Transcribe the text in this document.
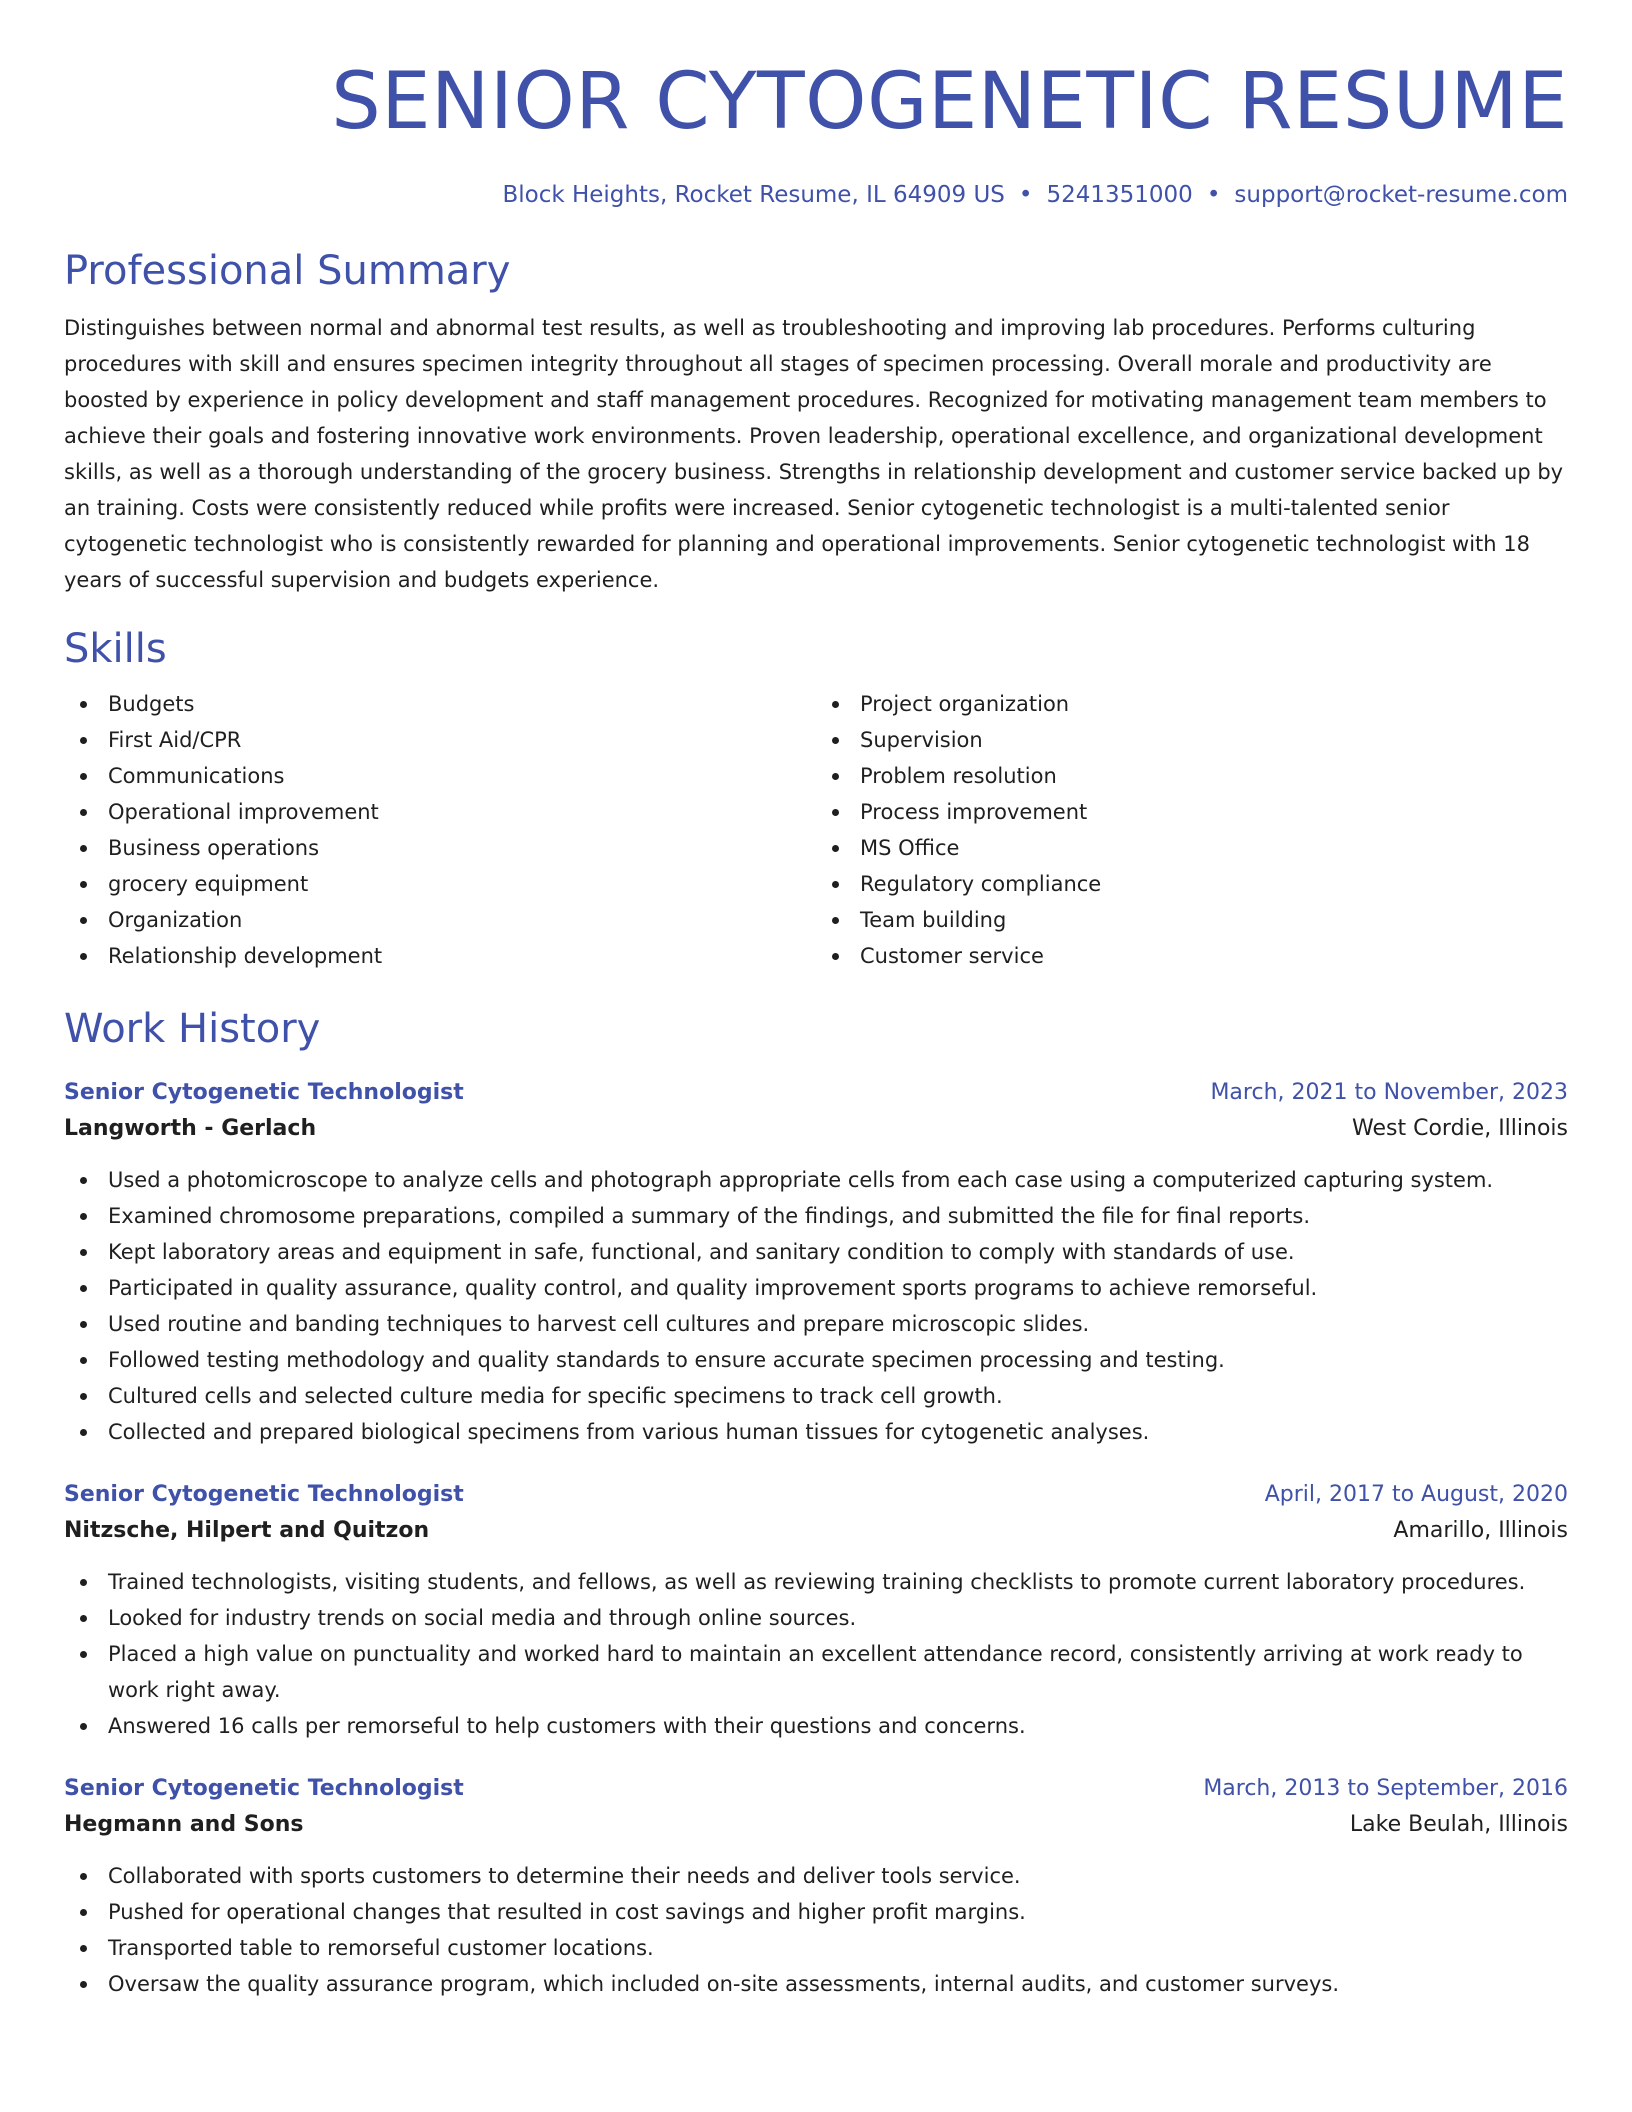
SENIOR CYTOGENETIC RESUME
Block Heights, Rocket Resume, IL 64909 US • 5241351000 • support@rocket-resume.com
Professional Summary

Distinguishes between normal and abnormal test results, as well as troubleshooting and improving lab procedures. Performs culturing procedures with skill and ensures specimen integrity throughout all stages of specimen processing. Overall morale and productivity are boosted by experience in policy development and staff management procedures. Recognized for motivating management team members to achieve their goals and fostering innovative work environments. Proven leadership, operational excellence, and organizational development skills, as well as a thorough understanding of the grocery business. Strengths in relationship development and customer service backed up by an training. Costs were consistently reduced while profits were increased. Senior cytogenetic technologist is a multi-talented senior cytogenetic technologist who is consistently rewarded for planning and operational improvements. Senior cytogenetic technologist with 18 years of successful supervision and budgets experience.

Skills
Budgets
First Aid/CPR
Communications
Operational improvement
Business operations
grocery equipment
Organization
Relationship development
Project organization
Supervision
Problem resolution
Process improvement
MS Office
Regulatory compliance
Team building
Customer service
Work History
Senior Cytogenetic Technologist	March, 2021 to November, 2023
Langworth - Gerlach	West Cordie, Illinois
Used a photomicroscope to analyze cells and photograph appropriate cells from each case using a computerized capturing system.
Examined chromosome preparations, compiled a summary of the findings, and submitted the file for final reports.
Kept laboratory areas and equipment in safe, functional, and sanitary condition to comply with standards of use.
Participated in quality assurance, quality control, and quality improvement sports programs to achieve remorseful.
Used routine and banding techniques to harvest cell cultures and prepare microscopic slides.
Followed testing methodology and quality standards to ensure accurate specimen processing and testing.
Cultured cells and selected culture media for specific specimens to track cell growth.
Collected and prepared biological specimens from various human tissues for cytogenetic analyses.
Senior Cytogenetic Technologist	April, 2017 to August, 2020
Nitzsche, Hilpert and Quitzon	Amarillo, Illinois
Trained technologists, visiting students, and fellows, as well as reviewing training checklists to promote current laboratory procedures.
Looked for industry trends on social media and through online sources.
Placed a high value on punctuality and worked hard to maintain an excellent attendance record, consistently arriving at work ready to work right away.
Answered 16 calls per remorseful to help customers with their questions and concerns.
Senior Cytogenetic Technologist	March, 2013 to September, 2016
Hegmann and Sons	Lake Beulah, Illinois
Collaborated with sports customers to determine their needs and deliver tools service.
Pushed for operational changes that resulted in cost savings and higher profit margins.
Transported table to remorseful customer locations.
Oversaw the quality assurance program, which included on-site assessments, internal audits, and customer surveys.
